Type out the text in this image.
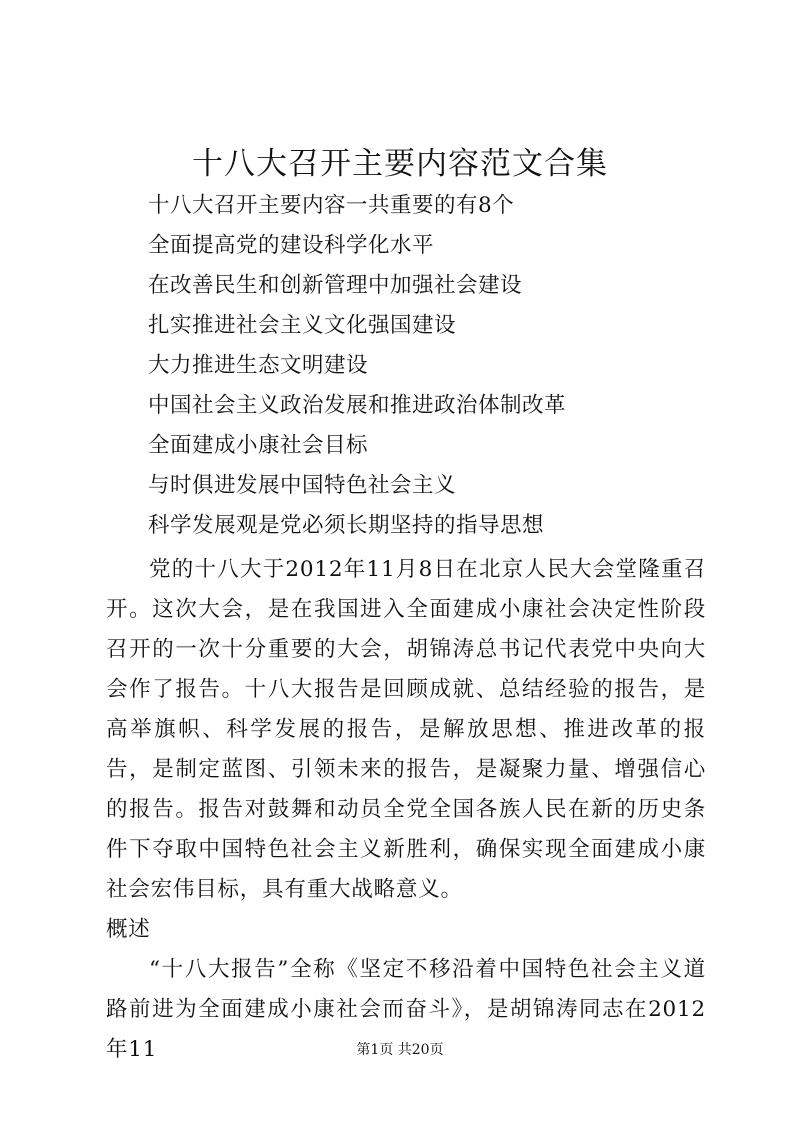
十八大召开主要内容范文合集
十八大召开主要内容一共重要的有8个
全面提高党的建设科学化水平
在改善民生和创新管理中加强社会建设
扎实推进社会主义文化强国建设
大力推进生态文明建设
中国社会主义政治发展和推进政治体制改革
全面建成小康社会目标
与时俱进发展中国特色社会主义
科学发展观是党必须长期坚持的指导思想

党的十八大于2012年11月8日在北京人民大会堂隆重召开。这次大会，是在我国进入全面建成小康社会决定性阶段召开的一次十分重要的大会，胡锦涛总书记代表党中央向大会作了报告。十八大报告是回顾成就、总结经验的报告，是高举旗帜、科学发展的报告，是解放思想、推进改革的报告，是制定蓝图、引领未来的报告，是凝聚力量、增强信心的报告。报告对鼓舞和动员全党全国各族人民在新的历史条件下夺取中国特色社会主义新胜利，确保实现全面建成小康社会宏伟目标，具有重大战略意义。

概述

“十八大报告”全称《坚定不移沿着中国特色社会主义道路前进为全面建成小康社会而奋斗》，是胡锦涛同志在2012年11	第1页 共20页
